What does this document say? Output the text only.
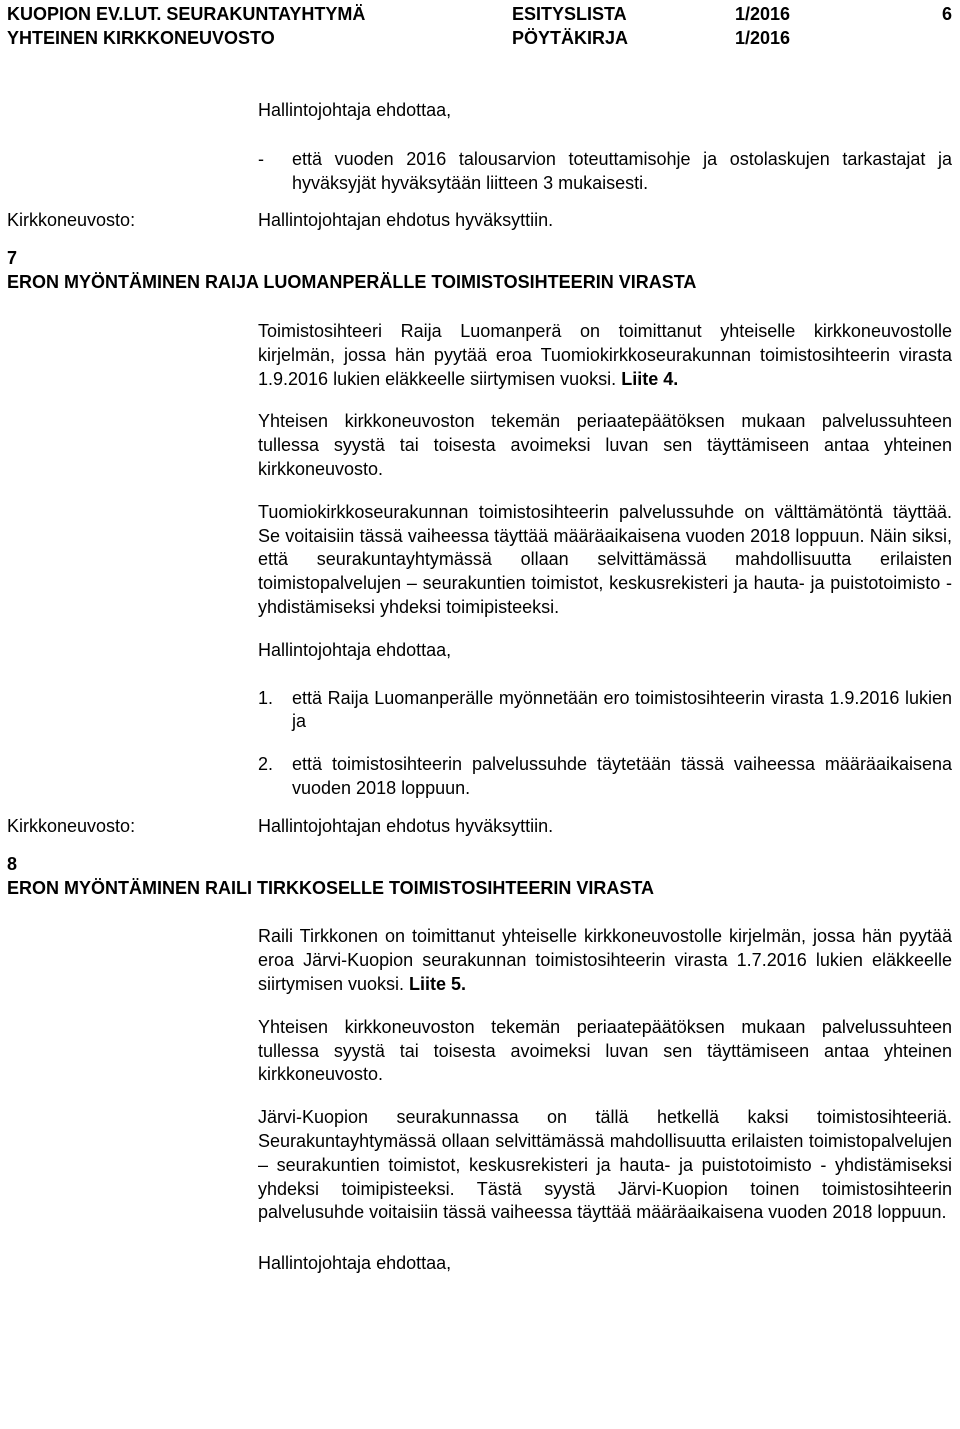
KUOPION EV.LUT. SEURAKUNTAYHTYMÄ	ESITYSLISTA	1/2016	6
YHTEINEN KIRKKONEUVOSTO	PÖYTÄKIRJA	1/2016

Hallintojohtaja ehdottaa,

- että vuoden 2016 talousarvion toteuttamisohje ja ostolaskujen tarkastajat ja hyväksyjät hyväksytään liitteen 3 mukaisesti.

Kirkkoneuvosto:	Hallintojohtajan ehdotus hyväksyttiin.

7

ERON MYÖNTÄMINEN RAIJA LUOMANPERÄLLE TOIMISTOSIHTEERIN VIRASTA

Toimistosihteeri Raija Luomanperä on toimittanut yhteiselle kirkkoneuvostolle kirjelmän, jossa hän pyytää eroa Tuomiokirkkoseurakunnan toimistosihteerin virasta 1.9.2016 lukien eläkkeelle siirtymisen vuoksi. Liite 4.

Yhteisen kirkkoneuvoston tekemän periaatepäätöksen mukaan palvelussuhteen tullessa syystä tai toisesta avoimeksi luvan sen täyttämiseen antaa yhteinen kirkkoneuvosto.

Tuomiokirkkoseurakunnan toimistosihteerin palvelussuhde on välttämätöntä täyttää. Se voitaisiin tässä vaiheessa täyttää määräaikaisena vuoden 2018 loppuun. Näin siksi, että seurakuntayhtymässä ollaan selvittämässä mahdollisuutta erilaisten toimistopalvelujen – seurakuntien toimistot, keskusrekisteri ja hauta- ja puistotoimisto - yhdistämiseksi yhdeksi toimipisteeksi.

Hallintojohtaja ehdottaa,

1. että Raija Luomanperälle myönnetään ero toimistosihteerin virasta 1.9.2016 lukien ja

2. että toimistosihteerin palvelussuhde täytetään tässä vaiheessa määräaikaisena vuoden 2018 loppuun.

Kirkkoneuvosto:	Hallintojohtajan ehdotus hyväksyttiin.

8

ERON MYÖNTÄMINEN RAILI TIRKKOSELLE TOIMISTOSIHTEERIN VIRASTA

Raili Tirkkonen on toimittanut yhteiselle kirkkoneuvostolle kirjelmän, jossa hän pyytää eroa Järvi-Kuopion seurakunnan toimistosihteerin virasta 1.7.2016 lukien eläkkeelle siirtymisen vuoksi. Liite 5.

Yhteisen kirkkoneuvoston tekemän periaatepäätöksen mukaan palvelussuhteen tullessa syystä tai toisesta avoimeksi luvan sen täyttämiseen antaa yhteinen kirkkoneuvosto.

Järvi-Kuopion seurakunnassa on tällä hetkellä kaksi toimistosihteeriä. Seurakuntayhtymässä ollaan selvittämässä mahdollisuutta erilaisten toimistopalvelujen – seurakuntien toimistot, keskusrekisteri ja hauta- ja puistotoimisto - yhdistämiseksi yhdeksi toimipisteeksi. Tästä syystä Järvi-Kuopion toinen toimistosihteerin palvelusuhde voitaisiin tässä vaiheessa täyttää määräaikaisena vuoden 2018 loppuun.

Hallintojohtaja ehdottaa,
